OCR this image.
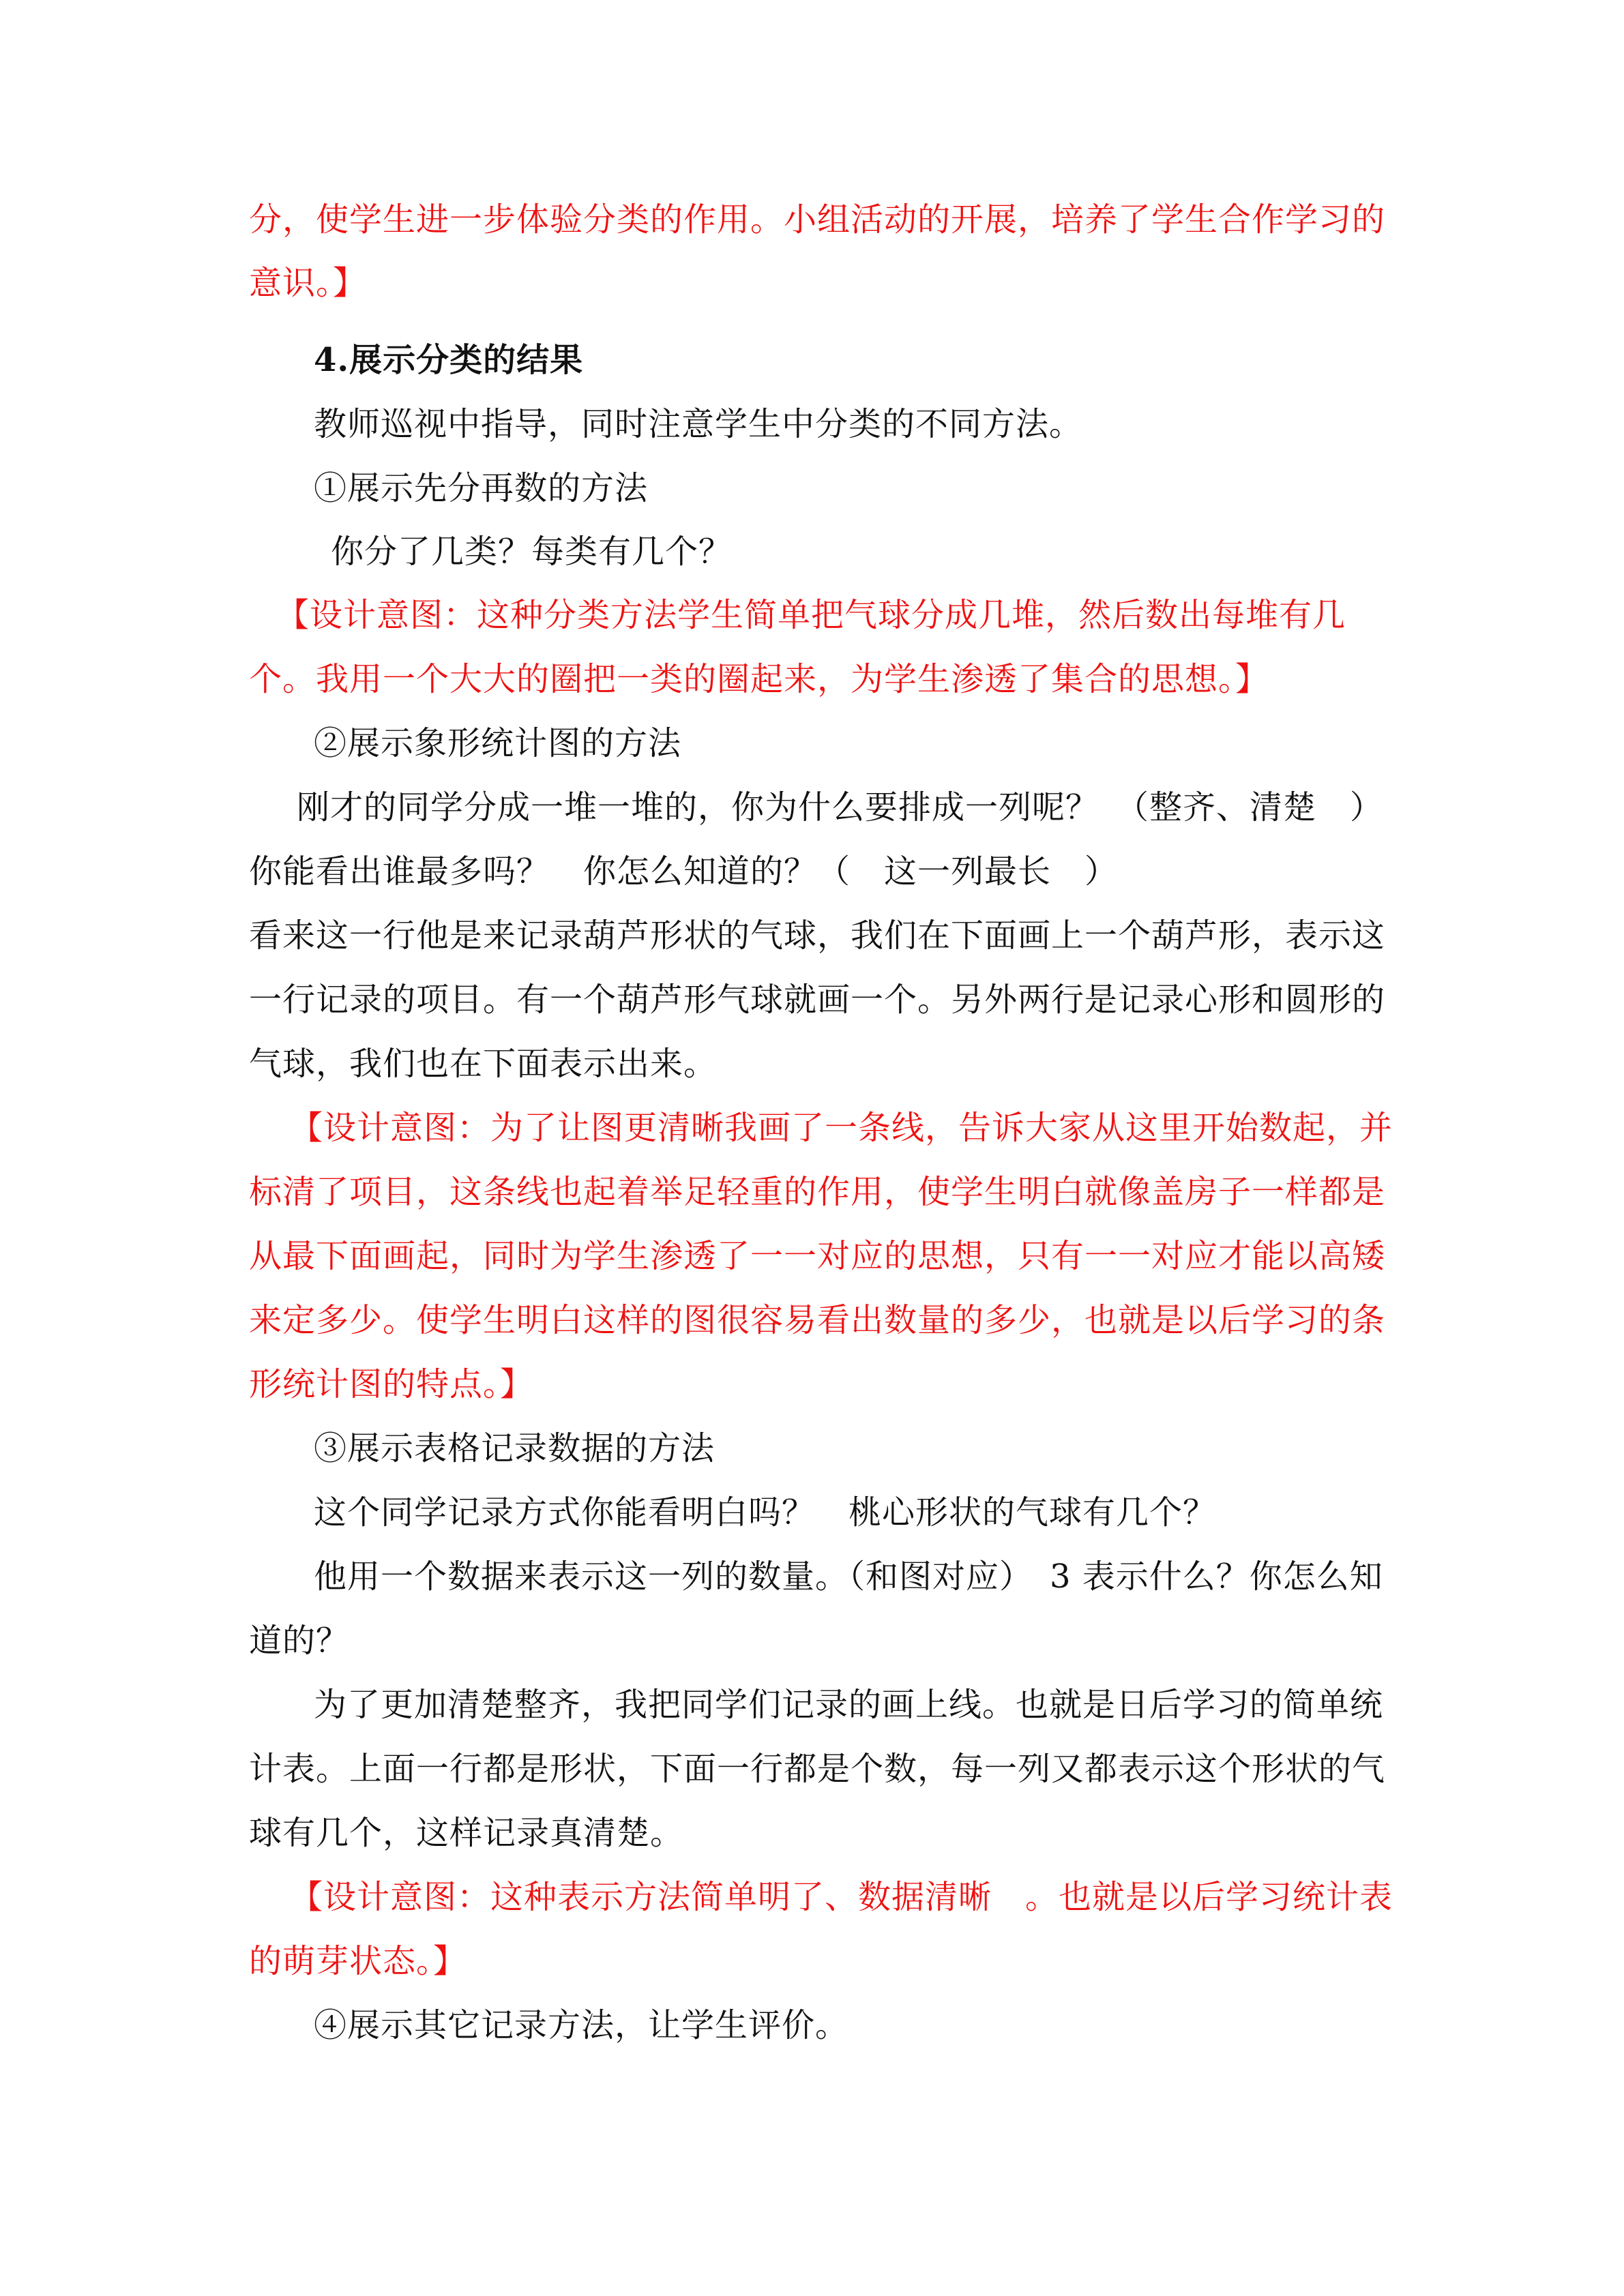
分，使学生进一步体验分类的作用。小组活动的开展，培养了学生合作学习的
意识。】
4.展示分类的结果
教师巡视中指导，同时注意学生中分类的不同方法。
①展示先分再数的方法
你分了几类？每类有几个？
【设计意图：这种分类方法学生简单把气球分成几堆，然后数出每堆有几
个。我用一个大大的圈把一类的圈起来，为学生渗透了集合的思想。】
②展示象形统计图的方法
刚才的同学分成一堆一堆的，你为什么要排成一列呢？　（整齐、清楚　）
你能看出谁最多吗？　你怎么知道的？（　这一列最长　）
看来这一行他是来记录葫芦形状的气球，我们在下面画上一个葫芦形，表示这
一行记录的项目。有一个葫芦形气球就画一个。另外两行是记录心形和圆形的
气球，我们也在下面表示出来。
【设计意图：为了让图更清晰我画了一条线，告诉大家从这里开始数起，并
标清了项目，这条线也起着举足轻重的作用，使学生明白就像盖房子一样都是
从最下面画起，同时为学生渗透了一一对应的思想，只有一一对应才能以高矮
来定多少。使学生明白这样的图很容易看出数量的多少，也就是以后学习的条
形统计图的特点。】
③展示表格记录数据的方法
这个同学记录方式你能看明白吗？　桃心形状的气球有几个？
他用一个数据来表示这一列的数量。（和图对应）　3 表示什么？你怎么知
道的？
为了更加清楚整齐，我把同学们记录的画上线。也就是日后学习的简单统
计表。上面一行都是形状，下面一行都是个数，每一列又都表示这个形状的气
球有几个，这样记录真清楚。
【设计意图：这种表示方法简单明了、数据清晰　。也就是以后学习统计表
的萌芽状态。】
④展示其它记录方法，让学生评价。
